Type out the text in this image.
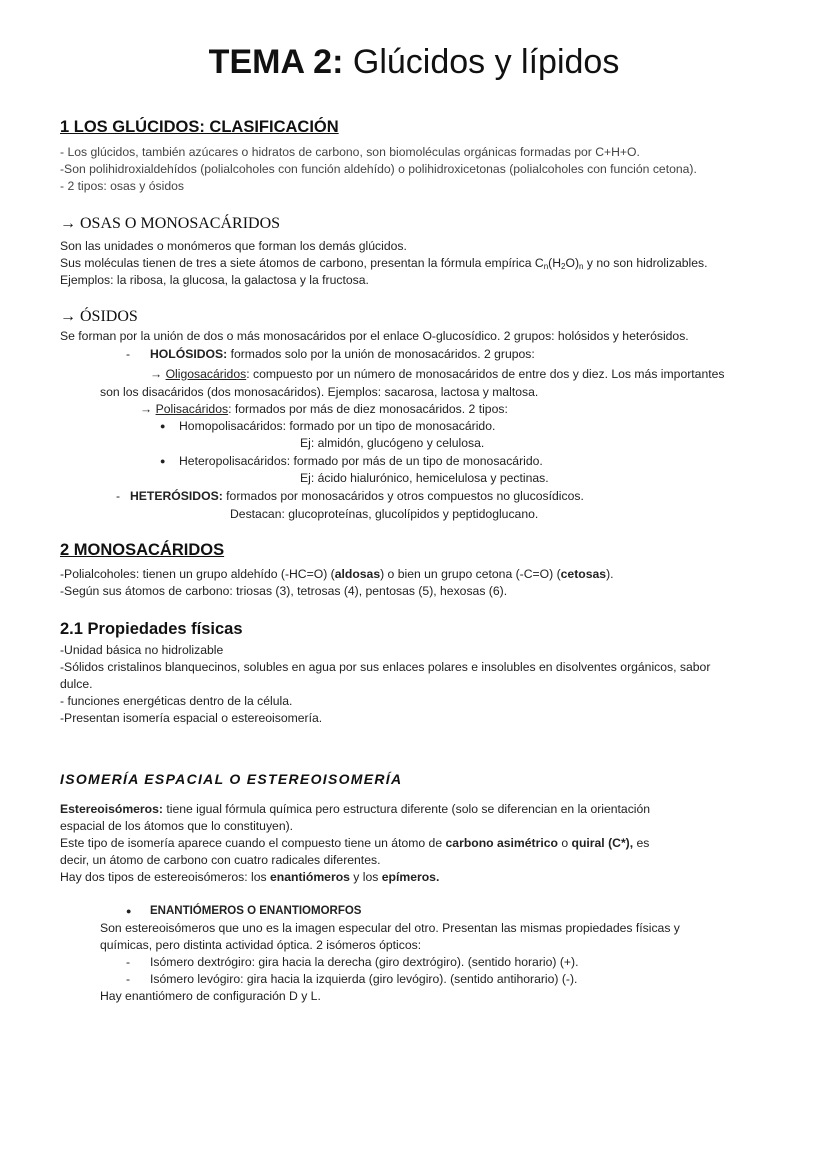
TEMA 2: Glúcidos y lípidos
1 LOS GLÚCIDOS: CLASIFICACIÓN
- Los glúcidos, también azúcares o hidratos de carbono, son biomoléculas orgánicas formadas por C+H+O.
-Son polihidroxialdehídos (polialcoholes con función aldehído) o polihidroxicetonas (polialcoholes con función cetona).
- 2 tipos: osas y ósidos
→ OSAS O MONOSACÁRIDOS
Son las unidades o monómeros que forman los demás glúcidos.
Sus moléculas tienen de tres a siete átomos de carbono, presentan la fórmula empírica $C_n(H_2O)_n$ y no son hidrolizables.
Ejemplos: la ribosa, la glucosa, la galactosa y la fructosa.
→ ÓSIDOS
Se forman por la unión de dos o más monosacáridos por el enlace O-glucosídico. 2 grupos: holósidos y heterósidos.
- HOLÓSIDOS: formados solo por la unión de monosacáridos. 2 grupos:
→ Oligosacáridos: compuesto por un número de monosacáridos de entre dos y diez. Los más importantes
son los disacáridos (dos monosacáridos). Ejemplos: sacarosa, lactosa y maltosa.
→ Polisacáridos: formados por más de diez monosacáridos. 2 tipos:
● Homopolisacáridos: formado por un tipo de monosacárido.
Ej: almidón, glucógeno y celulosa.
● Heteropolisacáridos: formado por más de un tipo de monosacárido.
Ej: ácido hialurónico, hemicelulosa y pectinas.
- HETERÓSIDOS: formados por monosacáridos y otros compuestos no glucosídicos.
Destacan: glucoproteínas, glucolípidos y peptidoglucano.
2 MONOSACÁRIDOS
-Polialcoholes: tienen un grupo aldehído (-HC=O) (aldosas) o bien un grupo cetona (-C=O) (cetosas).
-Según sus átomos de carbono: triosas (3), tetrosas (4), pentosas (5), hexosas (6).
2.1 Propiedades físicas
-Unidad básica no hidrolizable
-Sólidos cristalinos blanquecinos, solubles en agua por sus enlaces polares e insolubles en disolventes orgánicos, sabor
dulce.
- funciones energéticas dentro de la célula.
-Presentan isomería espacial o estereoisomería.
ISOMERÍA ESPACIAL O ESTEREOISOMERÍA
Estereoisómeros: tiene igual fórmula química pero estructura diferente (solo se diferencian en la orientación
espacial de los átomos que lo constituyen).
Este tipo de isomería aparece cuando el compuesto tiene un átomo de carbono asimétrico o quiral (C*), es
decir, un átomo de carbono con cuatro radicales diferentes.
Hay dos tipos de estereoisómeros: los enantiómeros y los epímeros.
● ENANTIÓMEROS O ENANTIOMORFOS
Son estereoisómeros que uno es la imagen especular del otro. Presentan las mismas propiedades físicas y
químicas, pero distinta actividad óptica. 2 isómeros ópticos:
- Isómero dextrógiro: gira hacia la derecha (giro dextrógiro). (sentido horario) (+).
- Isómero levógiro: gira hacia la izquierda (giro levógiro). (sentido antihorario) (-).
Hay enantiómero de configuración D y L.
